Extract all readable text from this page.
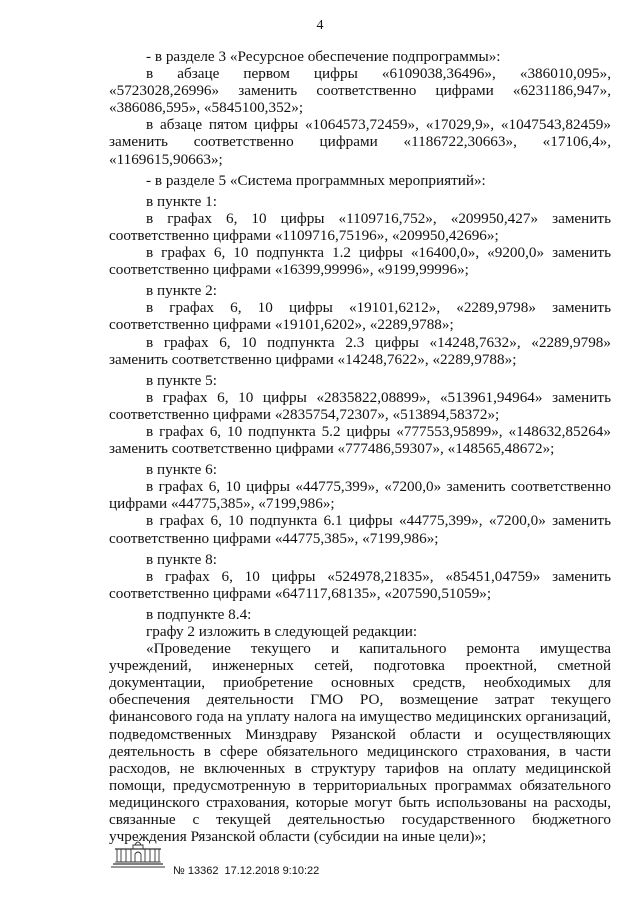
4
- в разделе 3 «Ресурсное обеспечение подпрограммы»:
в абзаце первом цифры «6109038,36496», «386010,095»,
«5723028,26996» заменить соответственно цифрами «6231186,947»,
«386086,595», «5845100,352»;
в абзаце пятом цифры «1064573,72459», «17029,9», «1047543,82459»
заменить соответственно цифрами «1186722,30663», «17106,4»,
«1169615,90663»;
- в разделе 5 «Система программных мероприятий»:
в пункте 1:
в графах 6, 10 цифры «1109716,752», «209950,427» заменить
соответственно цифрами «1109716,75196», «209950,42696»;
в графах 6, 10 подпункта 1.2 цифры «16400,0», «9200,0» заменить
соответственно цифрами «16399,99996», «9199,99996»;
в пункте 2:
в графах 6, 10 цифры «19101,6212», «2289,9798» заменить
соответственно цифрами «19101,6202», «2289,9788»;
в графах 6, 10 подпункта 2.3 цифры «14248,7632», «2289,9798»
заменить соответственно цифрами «14248,7622», «2289,9788»;
в пункте 5:
в графах 6, 10 цифры «2835822,08899», «513961,94964» заменить
соответственно цифрами «2835754,72307», «513894,58372»;
в графах 6, 10 подпункта 5.2 цифры «777553,95899», «148632,85264»
заменить соответственно цифрами «777486,59307», «148565,48672»;
в пункте 6:
в графах 6, 10 цифры «44775,399», «7200,0» заменить соответственно
цифрами «44775,385», «7199,986»;
в графах 6, 10 подпункта 6.1 цифры «44775,399», «7200,0» заменить
соответственно цифрами «44775,385», «7199,986»;
в пункте 8:
в графах 6, 10 цифры «524978,21835», «85451,04759» заменить
соответственно цифрами «647117,68135», «207590,51059»;
в подпункте 8.4:
графу 2 изложить в следующей редакции:
«Проведение текущего и капитального ремонта имущества
учреждений, инженерных сетей, подготовка проектной, сметной
документации, приобретение основных средств, необходимых для
обеспечения деятельности ГМО РО, возмещение затрат текущего
финансового года на уплату налога на имущество медицинских организаций,
подведомственных Минздраву Рязанской области и осуществляющих
деятельность в сфере обязательного медицинского страхования, в части
расходов, не включенных в структуру тарифов на оплату медицинской
помощи, предусмотренную в территориальных программах обязательного
медицинского страхования, которые могут быть использованы на расходы,
связанные с текущей деятельностью государственного бюджетного
учреждения Рязанской области (субсидии на иные цели)»;
№ 13362 17.12.2018 9:10:22
